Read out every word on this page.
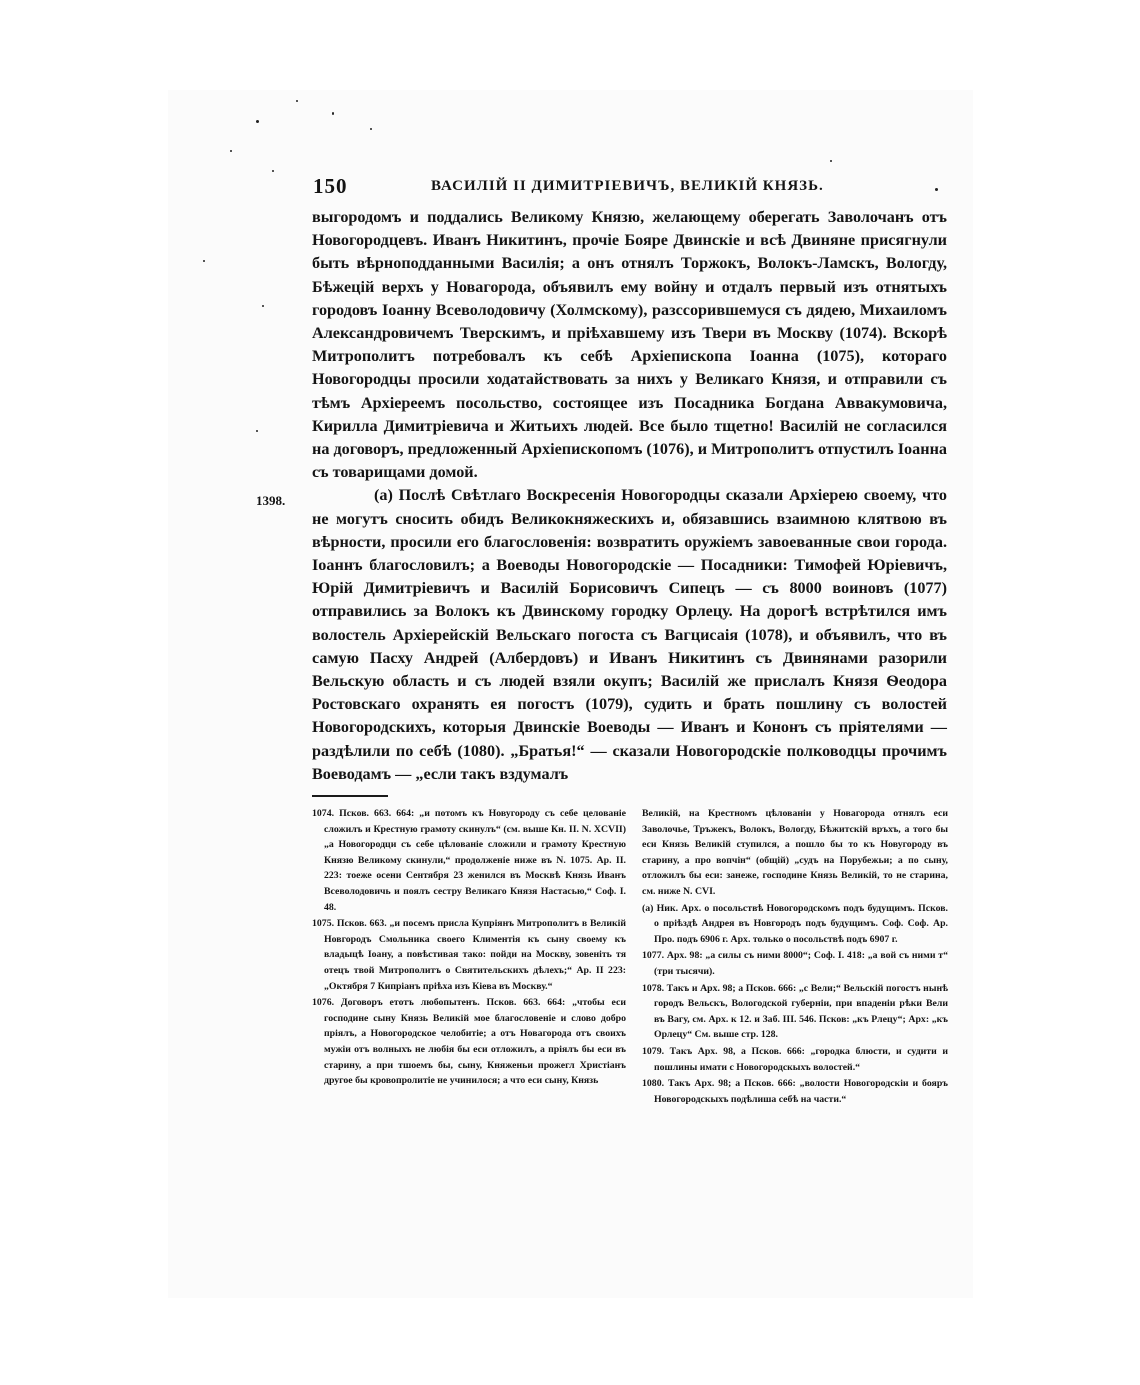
150	ВАСИЛІЙ II ДИМИТРІЕВИЧЪ, ВЕЛИКІЙ КНЯЗЬ.
1398.

выгородомъ и поддались Великому Князю, желающему оберегать Заволочанъ отъ Новогородцевъ. Иванъ Никитинъ, прочіе Бояре Двинскіе и всѣ Двиняне присягнули быть вѣрноподданными Василія; а онъ отнялъ Торжокъ, Волокъ-Ламскъ, Вологду, Бѣжецій верхъ у Новагорода, объявилъ ему войну и отдалъ первый изъ отнятыхъ городовъ Іоанну Всеволодовичу (Холмскому), разссорившемуся съ дядею, Михаиломъ Александровичемъ Тверскимъ, и пріѣхавшему изъ Твери въ Москву (1074). Вскорѣ Митрополитъ потребовалъ къ себѣ Архіепископа Іоанна (1075), котораго Новогородцы просили ходатайствовать за нихъ у Великаго Князя, и отправили съ тѣмъ Архіереемъ посольство, состоящее изъ Посадника Богдана Аввакумовича, Кирилла Димитріевича и Житьихъ людей. Все было тщетно! Василій не согласился на договоръ, предложенный Архіепископомъ (1076), и Митрополитъ отпустилъ Іоанна съ товарищами домой.

(а) Послѣ Свѣтлаго Воскресенія Новогородцы сказали Архіерею своему, что не могутъ сносить обидъ Великокняжескихъ и, обязавшись взаимною клятвою въ вѣрности, просили его благословенія: возвратить оружіемъ завоеванные свои города. Іоаннъ благословилъ; а Воеводы Новогородскіе — Посадники: Тимофей Юріевичъ, Юрій Димитріевичъ и Василій Борисовичъ Сипецъ — съ 8000 воиновъ (1077) отправились за Волокъ къ Двинскому городку Орлецу. На дорогѣ встрѣтился имъ волостель Архіерейскій Вельскаго погоста съ Вагцисаія (1078), и объявилъ, что въ самую Пасху Андрей (Албердовъ) и Иванъ Никитинъ съ Двинянами разорили Вельскую область и съ людей взяли окупъ; Василій же прислалъ Князя Ѳеодора Ростовскаго охранять ея погостъ (1079), судить и брать пошлину съ волостей Новогородскихъ, которыя Двинскіе Воеводы — Иванъ и Кононъ съ пріятелями — раздѣлили по себѣ (1080). „Братья!“ — сказали Новогородскіе полководцы прочимъ Воеводамъ — „если такъ вздумалъ

1074. Псков. 663. 664: „и потомъ къ Новугороду съ себе целованіе сложилъ и Крестную грамоту скинулъ“ (см. выше Кн. II. N. XCVII) „а Новогородци съ себе цѣлованіе сложили и грамоту Крестную Князю Великому скинули,“ продолженіе ниже въ N. 1075. Ар. II. 223: тоеже осени Сентября 23 женился въ Москвѣ Князь Иванъ Всеволодовичь и поялъ сестру Великаго Князя Настасью,“ Соф. I. 48.

1075. Псков. 663. „и посемъ присла Купріянъ Митрополитъ в Великій Новгородъ Смольника своего Климентія къ сыну своему къ владыцѣ Іоану, а повѣстивая тако: пойди на Москву, зовеніть тя отецъ твой Митрополитъ о Святительскихъ дѣлехъ;“ Ар. II 223: „Октября 7 Кипріанъ пріѣха изъ Кіева въ Москву.“

1076. Договоръ етотъ любопытенъ. Псков. 663. 664: „чтобы еси господине сыну Князь Великій мое благословеніе и слово добро пріялъ, а Новогородское челобитіе; а отъ Новагорода отъ своихъ мужіи отъ волныхъ не любія бы еси отложилъ, а пріялъ бы еси въ старину, а при тшоемъ бы, сыну, Княженьи прожегл Христіанъ другое бы кровопролитіе не учинилося; а что еси сыну, Князь

Великій, на Крестномъ цѣлованіи у Новагорода отнялъ еси Заволочье, Тръжекъ, Волокъ, Вологду, Бѣжитскій връхъ, а того бы еси Князь Великій ступился, а пошло бы то къ Новугороду въ старину, а про вопчін“ (общій) „судъ на Порубежьи; а по сыну, отложилъ бы еси: занеже, господине Князь Великій, то не старина, см. ниже N. CVI.

(а) Ник. Арх. о посольствѣ Новогородскомъ подъ будущимъ. Псков. о пріѣздѣ Андрея въ Новгородъ подъ будущимъ. Соф. Соф. Ар. Про. подъ 6906 г. Арх. только о посольствѣ подъ 6907 г.

1077. Арх. 98: „а силы съ ними 8000“; Соф. I. 418: „а вой съ ними т“ (три тысячи).

1078. Такъ и Арх. 98; а Псков. 666: „с Вели;“ Вельскій погостъ нынѣ городъ Вельскъ, Вологодской губерніи, при впаденіи рѣки Вели въ Вагу, см. Арх. к 12. и Заб. III. 546. Псков: „къ Рлецу“; Арх: „къ Орлецу“ См. выше стр. 128.

1079. Такъ Арх. 98, а Псков. 666: „городка блюсти, и судити и пошлины имати с Новогородскыхъ волостей.“

1080. Такъ Арх. 98; а Псков. 666: „волости Новогородскіи и бояръ Новогородскыхъ подѣлиша себѣ на части.“
